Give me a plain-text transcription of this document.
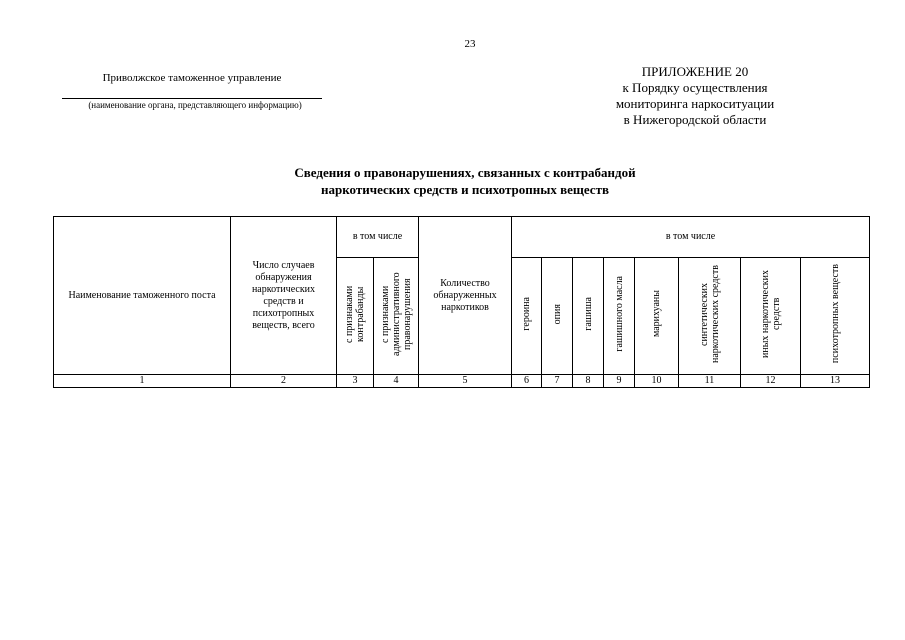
23
Приволжское таможенное управление
(наименование органа, представляющего информацию)
ПРИЛОЖЕНИЕ 20
к Порядку осуществления
мониторинга наркоситуации
в Нижегородской области
Сведения о правонарушениях, связанных с контрабандой
наркотических средств и психотропных веществ
Наименование таможенного поста	Число случаев обнаружения наркотических средств и психотропных веществ, всего	в том числе		Количество обнаруженных наркотиков	в том числе							
		с признаками контрабанды	с признаками административного правонарушения		героина	опия	гашиша	гашишного масла	марихуаны	синтетических наркотических средств	иных наркотических средств	психотропных веществ
1	2	3	4	5	6	7	8	9	10	11	12	13
